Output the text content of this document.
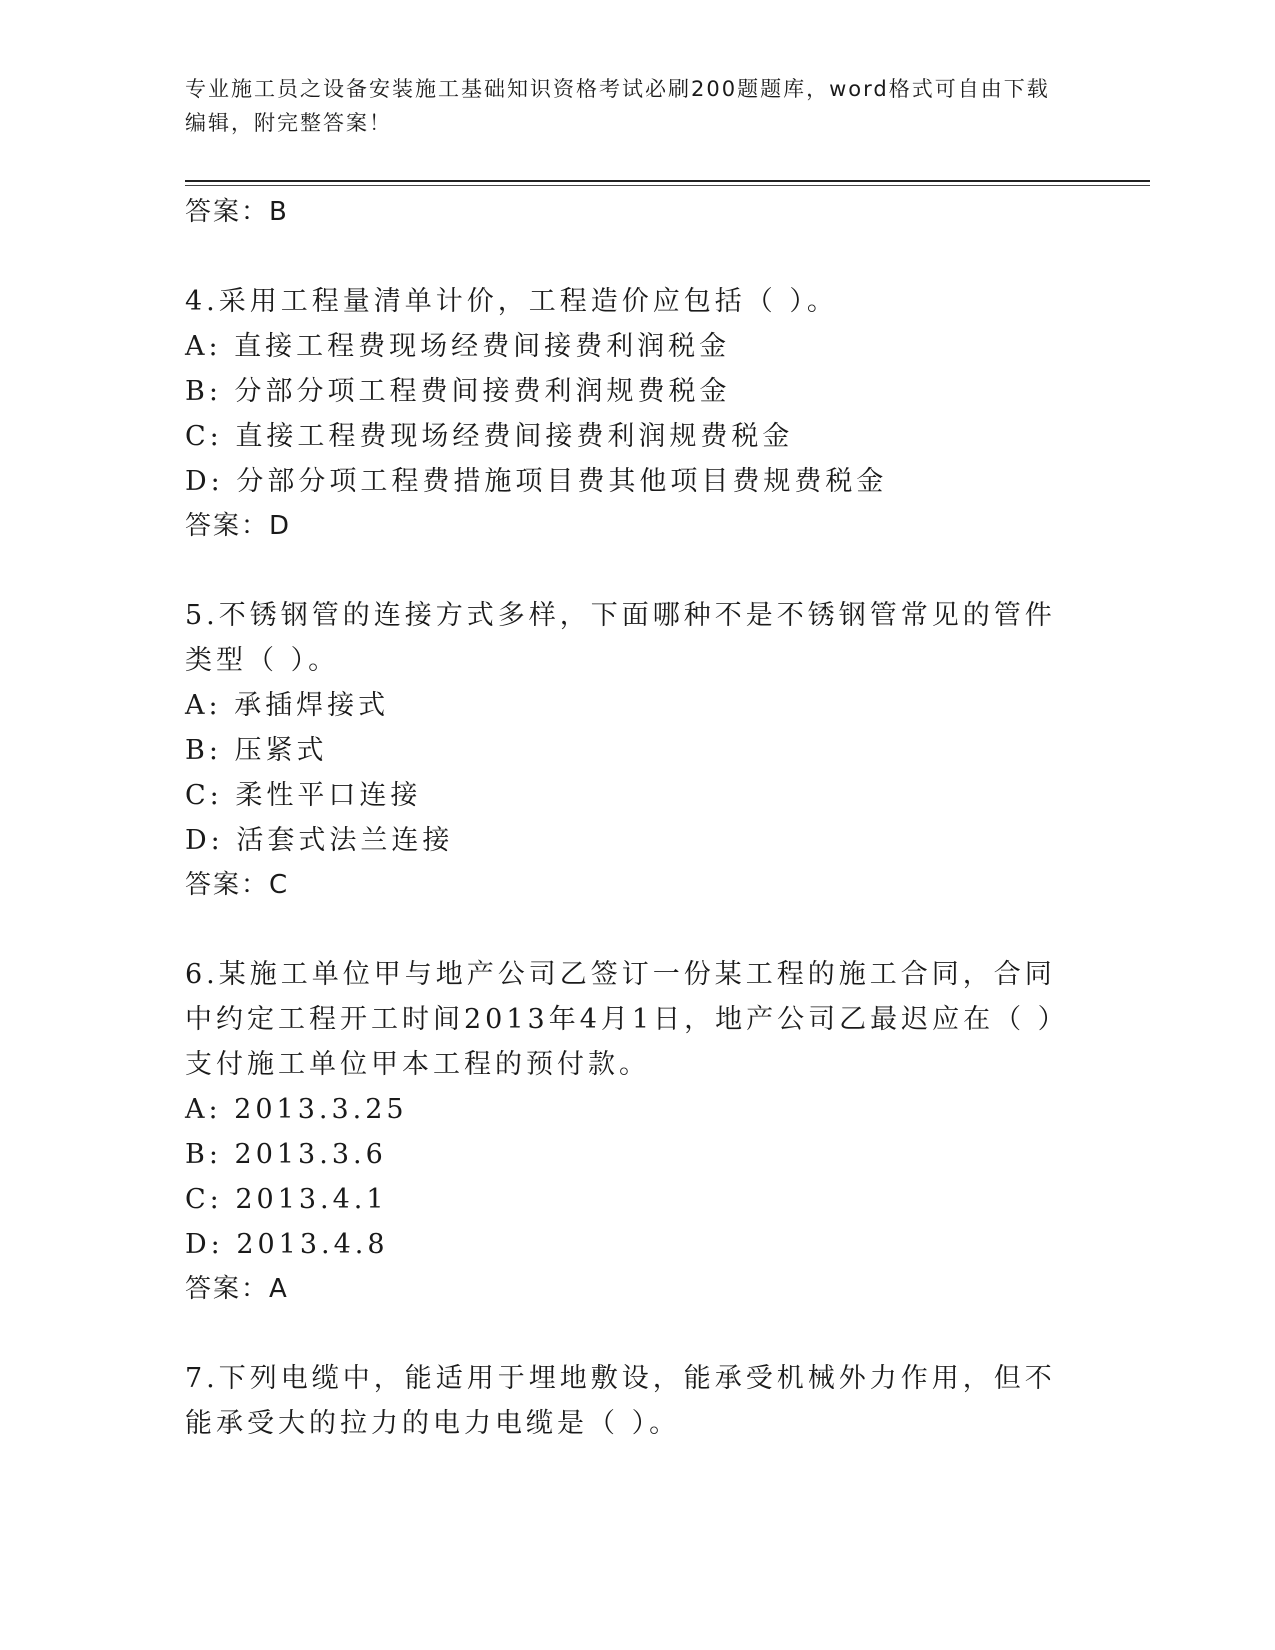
专业施工员之设备安装施工基础知识资格考试必刷200题题库，word格式可自由下载编辑，附完整答案！
答案：B
4.采用工程量清单计价，工程造价应包括（ ）。
A: 直接工程费现场经费间接费利润税金
B: 分部分项工程费间接费利润规费税金
C: 直接工程费现场经费间接费利润规费税金
D: 分部分项工程费措施项目费其他项目费规费税金
答案：D
5.不锈钢管的连接方式多样，下面哪种不是不锈钢管常见的管件类型（ ）。
A: 承插焊接式
B: 压紧式
C: 柔性平口连接
D: 活套式法兰连接
答案：C
6.某施工单位甲与地产公司乙签订一份某工程的施工合同，合同中约定工程开工时间2013年4月1日，地产公司乙最迟应在（ ）支付施工单位甲本工程的预付款。
A: 2013.3.25
B: 2013.3.6
C: 2013.4.1
D: 2013.4.8
答案：A
7.下列电缆中，能适用于埋地敷设，能承受机械外力作用，但不能承受大的拉力的电力电缆是（ ）。
